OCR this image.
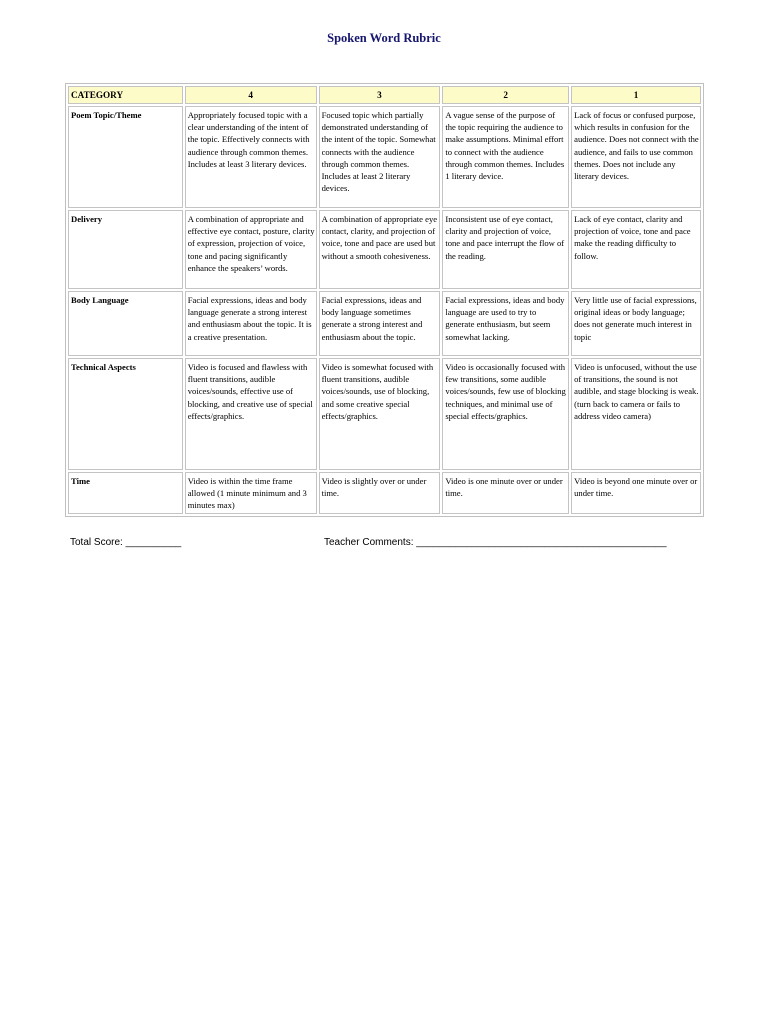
Spoken Word Rubric
CATEGORY	4	3	2	1
Poem Topic/Theme	Appropriately focused topic with a clear understanding of the intent of the topic. Effectively connects with audience through common themes. Includes at least 3 literary devices.	Focused topic which partially demonstrated understanding of the intent of the topic. Somewhat connects with the audience through common themes. Includes at least 2 literary devices.	A vague sense of the purpose of the topic requiring the audience to make assumptions. Minimal effort to connect with the audience through common themes. Includes 1 literary device.	Lack of focus or confused purpose, which results in confusion for the audience. Does not connect with the audience, and fails to use common themes. Does not include any literary devices.
Delivery	A combination of appropriate and effective eye contact, posture, clarity of expression, projection of voice, tone and pacing significantly enhance the speakers’ words.	A combination of appropriate eye contact, clarity, and projection of voice, tone and pace are used but without a smooth cohesiveness.	Inconsistent use of eye contact, clarity and projection of voice, tone and pace interrupt the flow of the reading.	Lack of eye contact, clarity and projection of voice, tone and pace make the reading difficulty to follow.
Body Language	Facial expressions, ideas and body language generate a strong interest and enthusiasm about the topic. It is a creative presentation.	Facial expressions, ideas and body language sometimes generate a strong interest and enthusiasm about the topic.	Facial expressions, ideas and body language are used to try to generate enthusiasm, but seem somewhat lacking.	Very little use of facial expressions, original ideas or body language; does not generate much interest in topic
Technical Aspects	Video is focused and flawless with fluent transitions, audible voices/sounds, effective use of blocking, and creative use of special effects/graphics.	Video is somewhat focused with fluent transitions, audible voices/sounds, use of blocking, and some creative special effects/graphics.	Video is occasionally focused with few transitions, some audible voices/sounds, few use of blocking techniques, and minimal use of special effects/graphics.	Video is unfocused, without the use of transitions, the sound is not audible, and stage blocking is weak. (turn back to camera or fails to address video camera)
Time	Video is within the time frame allowed (1 minute minimum and 3 minutes max)	Video is slightly over or under time.	Video is one minute over or under time.	Video is beyond one minute over or under time.
Total Score: __________	Teacher Comments: _____________________________________________
